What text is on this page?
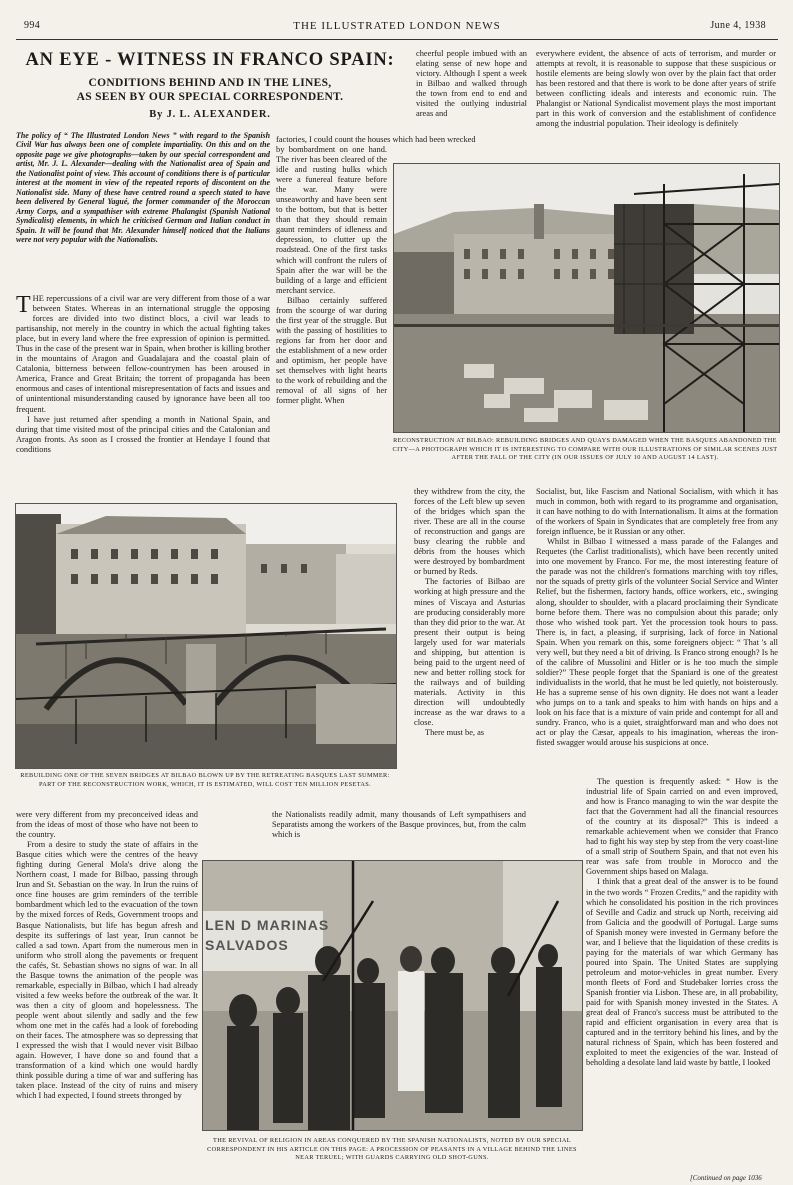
994	THE ILLUSTRATED LONDON NEWS	June 4, 1938
AN EYE - WITNESS IN FRANCO SPAIN:
CONDITIONS BEHIND AND IN THE LINES,
AS SEEN BY OUR SPECIAL CORRESPONDENT.
By J. L. ALEXANDER.
The policy of “ The Illustrated London News ” with regard to the Spanish Civil War has always been one of complete impartiality. On this and on the opposite page we give photographs—taken by our special correspondent and artist, Mr. J. L. Alexander—dealing with the Nationalist area of Spain and the Nationalist point of view. This account of conditions there is of particular interest at the moment in view of the repeated reports of discontent on the Nationalist side. Many of these have centred round a speech stated to have been delivered by General Yagué, the former commander of the Moroccan Army Corps, and a sympathiser with extreme Phalangist (Spanish National Syndicalist) elements, in which he criticised German and Italian conduct in Spain. It will be found that Mr. Alexander himself noticed that the Italians were not very popular with the Nationalists.

T HE repercussions of a civil war are very different from those of a war between States. Whereas in an international struggle the opposing forces are divided into two distinct blocs, a civil war leads to partisanship, not merely in the country in which the actual fighting takes place, but in every land where the free expression of opinion is permitted. Thus in the case of the present war in Spain, when brother is killing brother in the mountains of Aragon and Guadalajara and the coastal plain of Catalonia, bitterness between fellow-countrymen has been aroused in America, France and Great Britain; the torrent of propaganda has been enormous and cases of intentional misrepresentation of facts and issues and of unintentional misunderstanding caused by ignorance have been all too frequent.

I have just returned after spending a month in National Spain, and during that time visited most of the principal cities and the Catalonian and Aragon fronts. As soon as I crossed the frontier at Hendaye I found that conditions

cheerful people imbued with an elating sense of new hope and victory. Although I spent a week in Bilbao and walked through the town from end to end and visited the outlying industrial areas and
factories, I could count the houses which had been wrecked
everywhere evident, the absence of acts of terrorism, and murder or attempts at revolt, it is reasonable to suppose that these suspicious or hostile elements are being slowly won over by the plain fact that order has been restored and that there is work to be done after years of strife between conflicting ideals and interests and economic ruin. The Phalangist or National Syndicalist movement plays the most important part in this work of conversion and the establishment of confidence among the industrial population. Their ideology is definitely

by bombardment on one hand. The river has been cleared of the idle and rusting hulks which were a funereal feature before the war. Many were unseaworthy and have been sent to the bottom, but that is better than that they should remain gaunt reminders of idleness and depression, to clutter up the roadstead. One of the first tasks which will confront the rulers of Spain after the war will be the building of a large and efficient merchant service.

Bilbao certainly suffered from the scourge of war during the first year of the struggle. But with the passing of hostilities to regions far from her door and the establishment of a new order and optimism, her people have set themselves with light hearts to the work of rebuilding and the removal of all signs of her former plight. When

RECONSTRUCTION AT BILBAO: REBUILDING BRIDGES AND QUAYS DAMAGED WHEN THE BASQUES ABANDONED THE CITY—A PHOTOGRAPH WHICH IT IS INTERESTING TO COMPARE WITH OUR ILLUSTRATIONS OF SIMILAR SCENES JUST AFTER THE FALL OF THE CITY (IN OUR ISSUES OF JULY 10 AND AUGUST 14 LAST).
REBUILDING ONE OF THE SEVEN BRIDGES AT BILBAO BLOWN UP BY THE RETREATING BASQUES LAST SUMMER: PART OF THE RECONSTRUCTION WORK, WHICH, IT IS ESTIMATED, WILL COST TEN MILLION PESETAS.

they withdrew from the city, the forces of the Left blew up seven of the bridges which span the river. These are all in the course of reconstruction and gangs are busy clearing the rubble and débris from the houses which were destroyed by bombardment or burned by Reds.

The factories of Bilbao are working at high pressure and the mines of Viscaya and Asturias are producing considerably more than they did prior to the war. At present their output is being largely used for war materials and shipping, but attention is being paid to the urgent need of new and better rolling stock for the railways and of building materials. Activity in this direction will undoubtedly increase as the war draws to a close.

There must be, as

Socialist, but, like Fascism and National Socialism, with which it has much in common, both with regard to its programme and organisation, it can have nothing to do with Internationalism. It aims at the formation of the workers of Spain in Syndicates that are completely free from any foreign influence, be it Russian or any other.

Whilst in Bilbao I witnessed a mass parade of the Falanges and Requetes (the Carlist traditionalists), which have been recently united into one movement by Franco. For me, the most interesting feature of the parade was not the children's formations marching with toy rifles, nor the squads of pretty girls of the volunteer Social Service and Winter Relief, but the fishermen, factory hands, office workers, etc., swinging along, shoulder to shoulder, with a placard proclaiming their Syndicate borne before them. There was no compulsion about this parade; only those who wished took part. Yet the procession took hours to pass. There is, in fact, a pleasing, if surprising, lack of force in National Spain. When you remark on this, some foreigners object: “ That 's all very well, but they need a bit of driving. Is Franco strong enough? Is he of the calibre of Mussolini and Hitler or is he too much the simple soldier?” These people forget that the Spaniard is one of the greatest individualists in the world, that he must be led quietly, not boisterously. He has a supreme sense of his own dignity. He does not want a leader who jumps on to a tank and speaks to him with hands on hips and a look on his face that is a mixture of vain pride and contempt for all and sundry. Franco, who is a quiet, straightforward man and who does not act or play the Cæsar, appeals to his imagination, whereas the iron-fisted swagger would arouse his suspicions at once.

were very different from my preconceived ideas and from the ideas of most of those who have not been to the country.

From a desire to study the state of affairs in the Basque cities which were the centres of the heavy fighting during General Mola's drive along the Northern coast, I made for Bilbao, passing through Irun and St. Sebastian on the way. In Irun the ruins of once fine houses are grim reminders of the terrible bombardment which led to the evacuation of the town by the mixed forces of Reds, Government troops and Basque Nationalists, but life has begun afresh and despite its sufferings of last year, Irun cannot be called a sad town. Apart from the numerous men in uniform who stroll along the pavements or frequent the cafés, St. Sebastian shows no signs of war. In all the Basque towns the animation of the people was remarkable, especially in Bilbao, which I had already visited a few weeks before the outbreak of the war. It was then a city of gloom and hopelessness. The people went about silently and sadly and the few whom one met in the cafés had a look of foreboding on their faces. The atmosphere was so depressing that I expressed the wish that I would never visit Bilbao again. However, I have done so and found that a transformation of a kind which one would hardly think possible during a time of war and suffering has taken place. Instead of the city of ruins and misery which I had expected, I found streets thronged by

the Nationalists readily admit, many thousands of Left sympathisers and Separatists among the workers of the Basque provinces, but, from the calm which is

The question is frequently asked: “ How is the industrial life of Spain carried on and even improved, and how is Franco managing to win the war despite the fact that the Government had all the financial resources of the country at its disposal?” This is indeed a remarkable achievement when we consider that Franco had to fight his way step by step from the very coast-line of a small strip of Southern Spain, and that not even his rear was safe from trouble in Morocco and the Government ships based on Malaga.

I think that a great deal of the answer is to be found in the two words “ Frozen Credits,” and the rapidity with which he consolidated his position in the rich provinces of Seville and Cadiz and struck up North, receiving aid from Galicia and the goodwill of Portugal. Large sums of Spanish money were invested in Germany before the war, and I believe that the liquidation of these credits is paying for the materials of war which Germany has poured into Spain. The United States are supplying petroleum and motor-vehicles in great number. Every month fleets of Ford and Studebaker lorries cross the Spanish frontier via Lisbon. These are, in all probability, paid for with Spanish money invested in the States. A great deal of Franco's success must be attributed to the rapid and efficient organisation in every area that is captured and in the territory behind his lines, and by the natural richness of Spain, which has been fostered and exploited to meet the exigencies of the war. Instead of beholding a desolate land laid waste by battle, I looked

LEN D MARINAS
SALVADOS
THE REVIVAL OF RELIGION IN AREAS CONQUERED BY THE SPANISH NATIONALISTS, NOTED BY OUR SPECIAL CORRESPONDENT IN HIS ARTICLE ON THIS PAGE: A PROCESSION OF PEASANTS IN A VILLAGE BEHIND THE LINES NEAR TERUEL; WITH GUARDS CARRYING OLD SHOT-GUNS.
[Continued on page 1036
